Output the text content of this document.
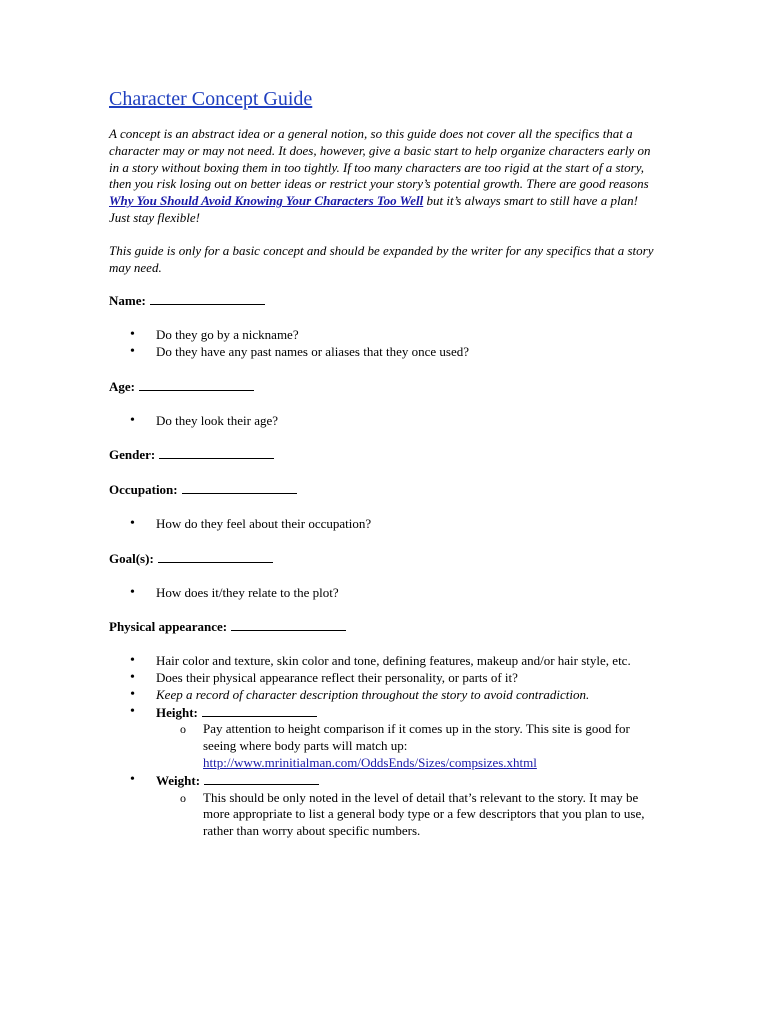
Character Concept Guide

A concept is an abstract idea or a general notion, so this guide does not cover all the specifics that a character may or may not need. It does, however, give a basic start to help organize characters early on in a story without boxing them in too tightly. If too many characters are too rigid at the start of a story, then you risk losing out on better ideas or restrict your story’s potential growth. There are good reasons Why You Should Avoid Knowing Your Characters Too Well but it’s always smart to still have a plan! Just stay flexible!

This guide is only for a basic concept and should be expanded by the writer for any specifics that a story may need.

Name:
• Do they go by a nickname?
• Do they have any past names or aliases that they once used?
Age:
• Do they look their age?
Gender:
Occupation:
• How do they feel about their occupation?
Goal(s):
• How does it/they relate to the plot?
Physical appearance:
• Hair color and texture, skin color and tone, defining features, makeup and/or hair style, etc.
• Does their physical appearance reflect their personality, or parts of it?
• Keep a record of character description throughout the story to avoid contradiction.
• Height:
o Pay attention to height comparison if it comes up in the story. This site is good for seeing where body parts will match up: http://www.mrinitialman.com/OddsEnds/Sizes/compsizes.xhtml
• Weight:
o This should be only noted in the level of detail that’s relevant to the story. It may be more appropriate to list a general body type or a few descriptors that you plan to use, rather than worry about specific numbers.
